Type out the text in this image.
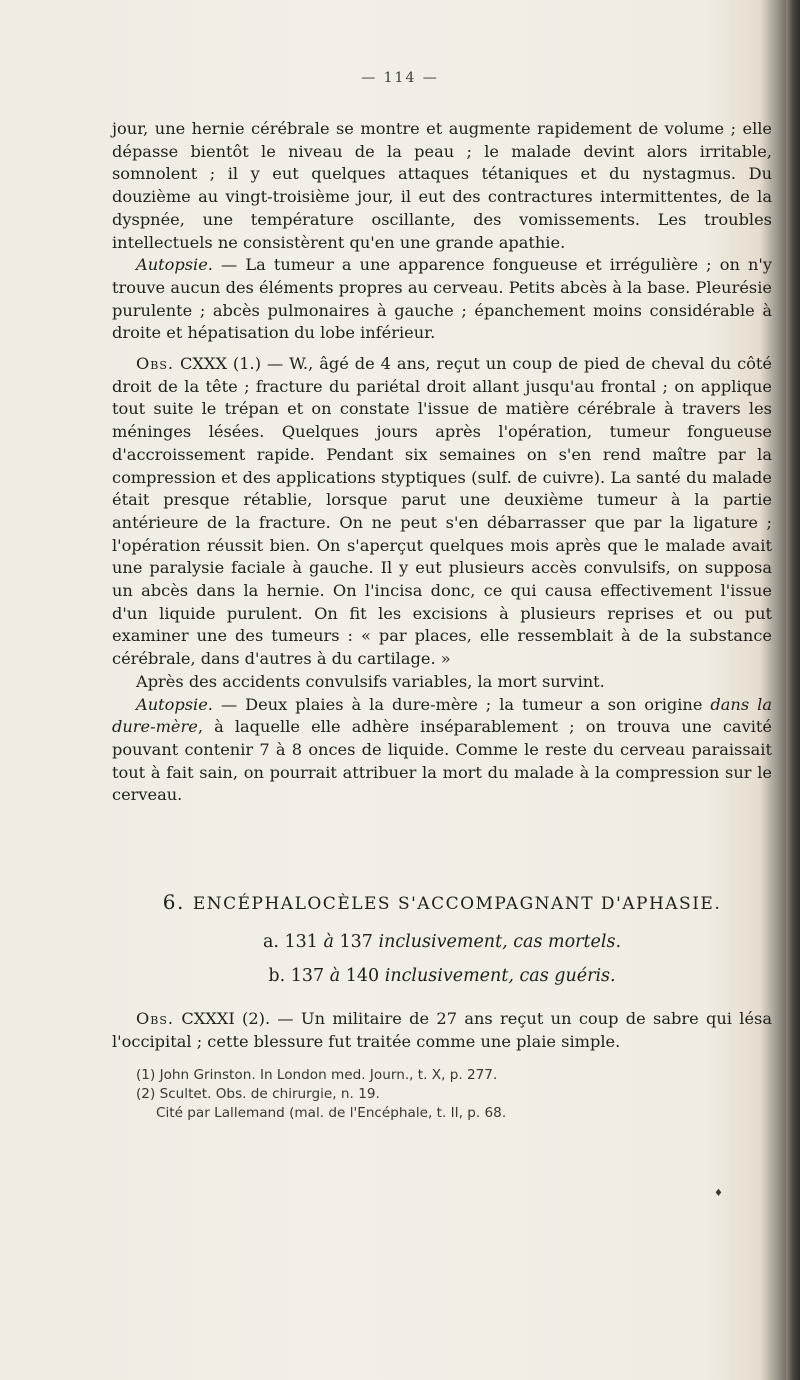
— 114 —

jour, une hernie cérébrale se montre et augmente rapidement de volume ; elle dépasse bientôt le niveau de la peau ; le malade devint alors irritable, somnolent ; il y eut quelques attaques tétaniques et du nystagmus. Du douzième au vingt-troisième jour, il eut des contractures intermittentes, de la dyspnée, une température oscillante, des vomissements. Les troubles intellectuels ne consistèrent qu'en une grande apathie.

Autopsie. — La tumeur a une apparence fongueuse et irrégulière ; on n'y trouve aucun des éléments propres au cerveau. Petits abcès à la base. Pleurésie purulente ; abcès pulmonaires à gauche ; épanchement moins considérable à droite et hépatisation du lobe inférieur.

Obs. CXXX (1.) — W., âgé de 4 ans, reçut un coup de pied de cheval du côté droit de la tête ; fracture du pariétal droit allant jusqu'au frontal ; on applique tout suite le trépan et on constate l'issue de matière cérébrale à travers les méninges lésées. Quelques jours après l'opération, tumeur fongueuse d'accroissement rapide. Pendant six semaines on s'en rend maître par la compression et des applications styptiques (sulf. de cuivre). La santé du malade était presque rétablie, lorsque parut une deuxième tumeur à la partie antérieure de la fracture. On ne peut s'en débarrasser que par la ligature ; l'opération réussit bien. On s'aperçut quelques mois après que le malade avait une paralysie faciale à gauche. Il y eut plusieurs accès convulsifs, on supposa un abcès dans la hernie. On l'incisa donc, ce qui causa effectivement l'issue d'un liquide purulent. On fit les excisions à plusieurs reprises et ou put examiner une des tumeurs : « par places, elle ressemblait à de la substance cérébrale, dans d'autres à du cartilage. »

Après des accidents convulsifs variables, la mort survint.

Autopsie. — Deux plaies à la dure-mère ; la tumeur a son origine dans la dure-mère, à laquelle elle adhère inséparablement ; on trouva une cavité pouvant contenir 7 à 8 onces de liquide. Comme le reste du cerveau paraissait tout à fait sain, on pourrait attribuer la mort du malade à la compression sur le cerveau.

6. ENCÉPHALOCÈLES S'ACCOMPAGNANT D'APHASIE.
a. 131 à 137 inclusivement, cas mortels.
b. 137 à 140 inclusivement, cas guéris.

Obs. CXXXI (2). — Un militaire de 27 ans reçut un coup de sabre qui lésa l'occipital ; cette blessure fut traitée comme une plaie simple.

(1) John Grinston. In London med. Journ., t. X, p. 277.
(2) Scultet. Obs. de chirurgie, n. 19.
Cité par Lallemand (mal. de l'Encéphale, t. II, p. 68.
♦
